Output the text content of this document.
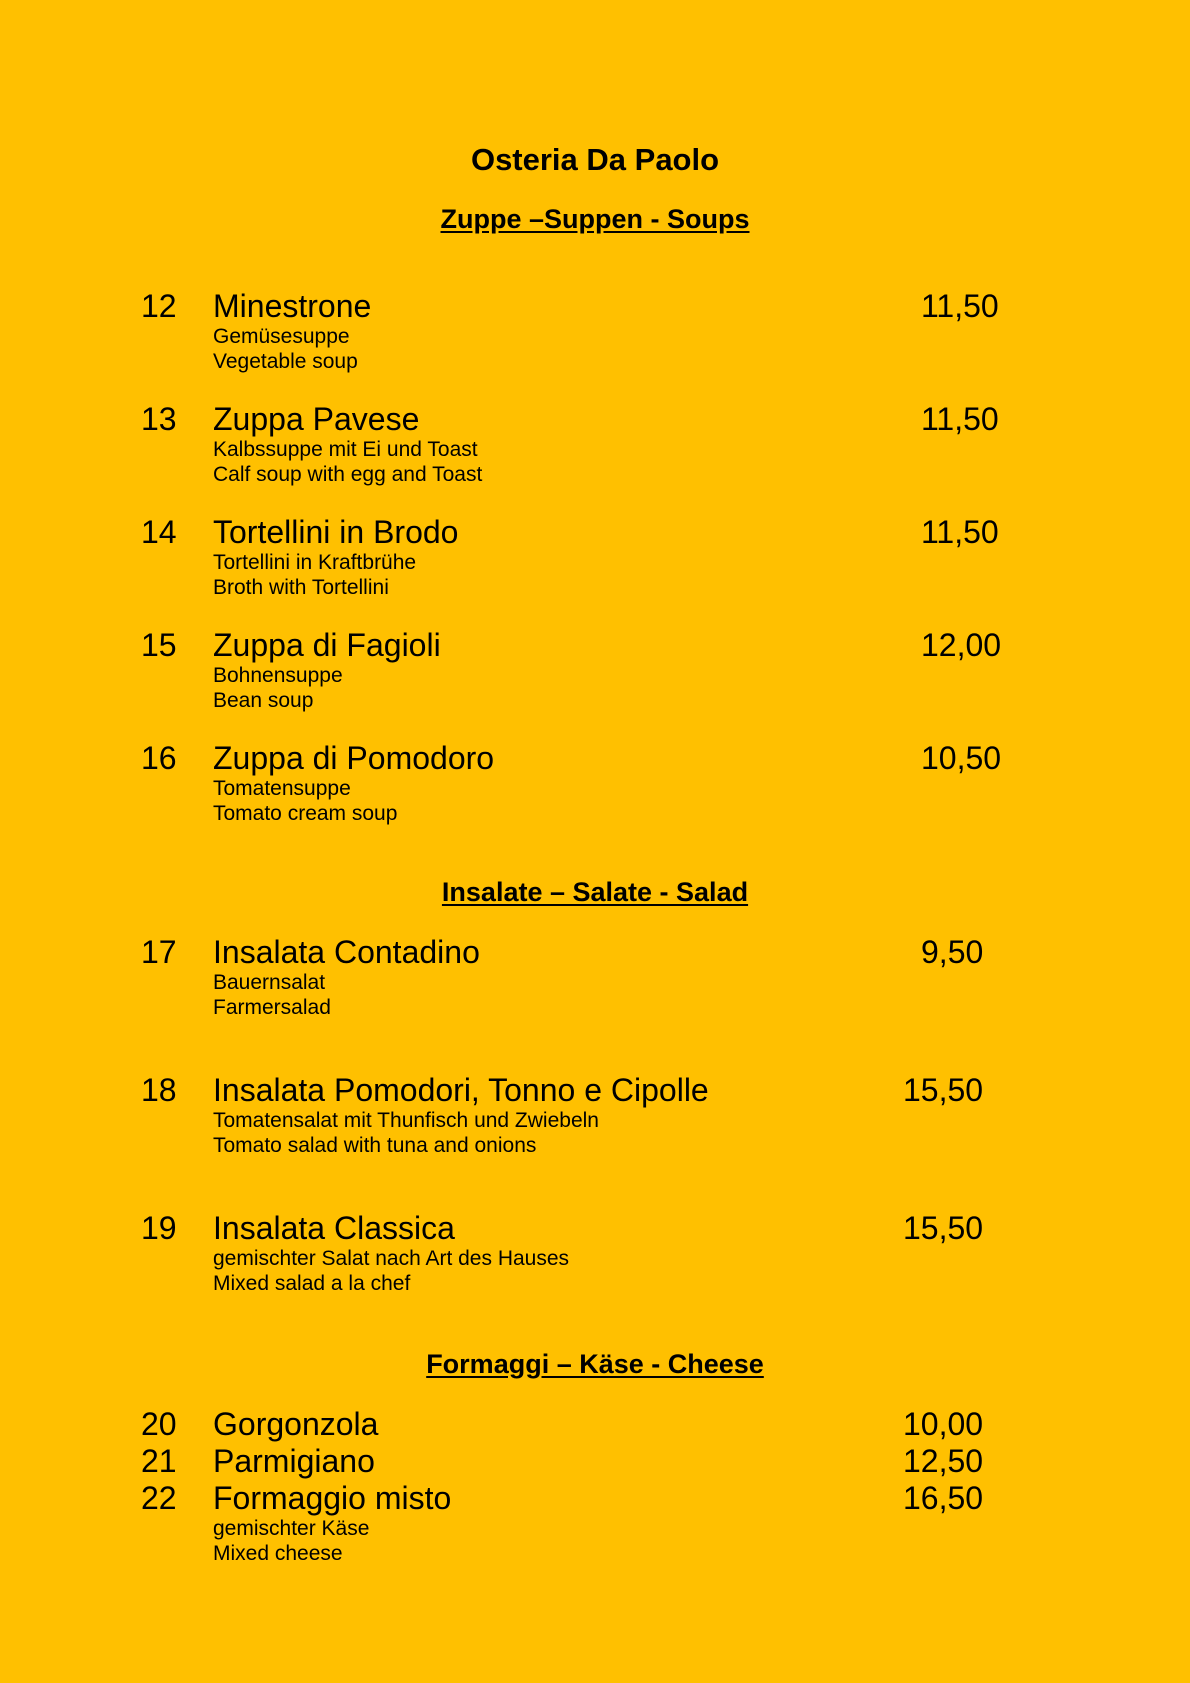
Osteria Da Paolo
Zuppe –Suppen - Soups
12 Minestrone	11,50
Gemüsesuppe
Vegetable soup
13 Zuppa Pavese	11,50
Kalbssuppe mit Ei und Toast
Calf soup with egg and Toast
14 Tortellini in Brodo	11,50
Tortellini in Kraftbrühe
Broth with Tortellini
15 Zuppa di Fagioli	12,00
Bohnensuppe
Bean soup
16 Zuppa di Pomodoro	10,50
Tomatensuppe
Tomato cream soup
Insalate – Salate - Salad
17 Insalata Contadino	9,50
Bauernsalat
Farmersalad
18 Insalata Pomodori, Tonno e Cipolle	15,50
Tomatensalat mit Thunfisch und Zwiebeln
Tomato salad with tuna and onions
19 Insalata Classica	15,50
gemischter Salat nach Art des Hauses
Mixed salad a la chef
Formaggi – Käse - Cheese
20 Gorgonzola	10,00
21 Parmigiano	12,50
22 Formaggio misto	16,50
gemischter Käse
Mixed cheese
